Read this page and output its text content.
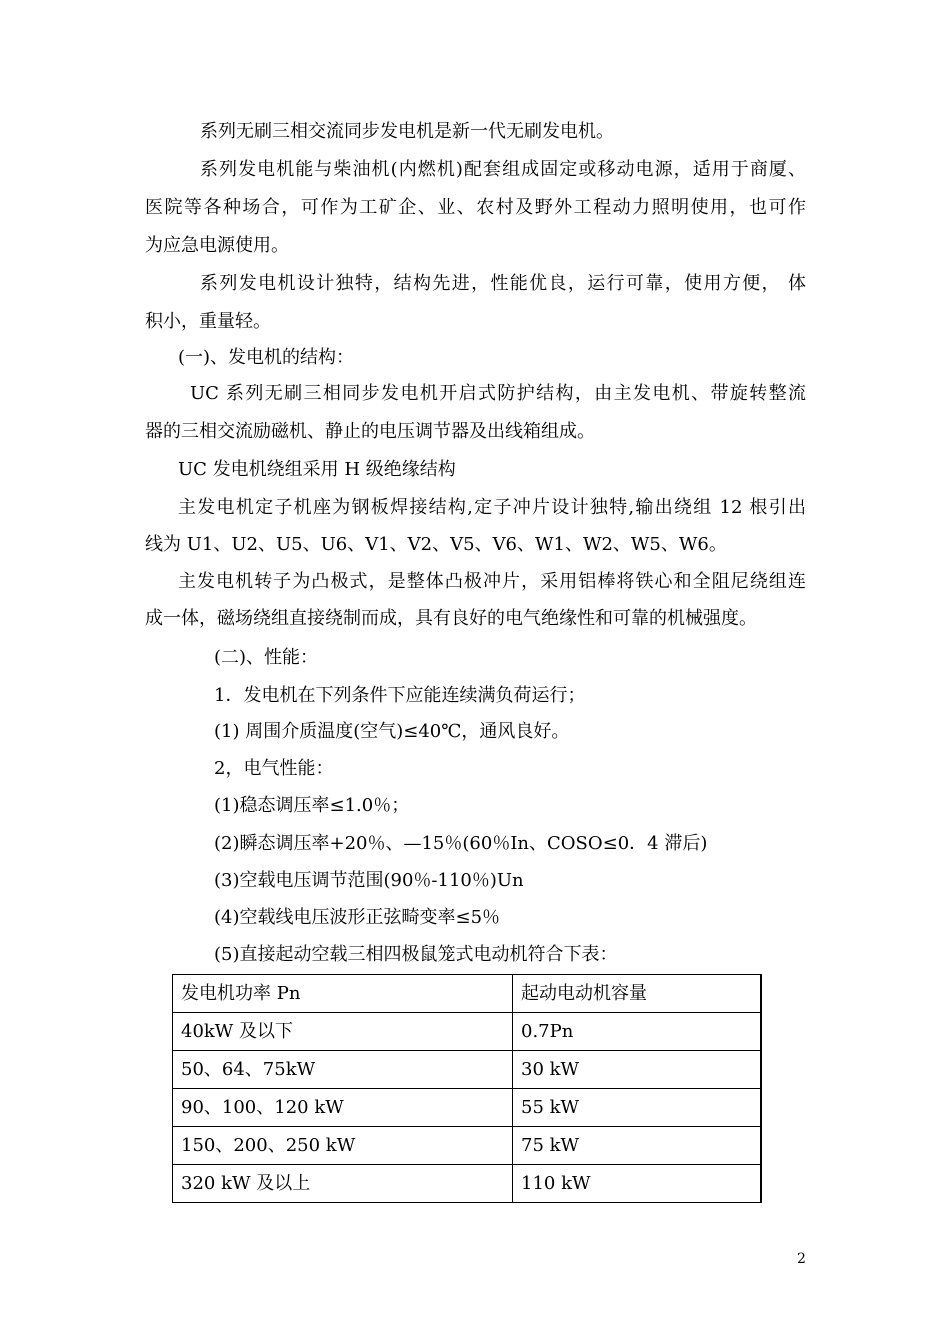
系列无刷三相交流同步发电机是新一代无刷发电机。
系列发电机能与柴油机(内燃机)配套组成固定或移动电源，适用于商厦、
医院等各种场合，可作为工矿企、业、农村及野外工程动力照明使用，也可作
为应急电源使用。
系列发电机设计独特，结构先进，性能优良，运行可靠，使用方便， 体
积小，重量轻。
(一)、发电机的结构：
UC 系列无刷三相同步发电机开启式防护结构，由主发电机、带旋转整流
器的三相交流励磁机、静止的电压调节器及出线箱组成。
UC 发电机绕组采用 H 级绝缘结构
主发电机定子机座为钢板焊接结构,定子冲片设计独特,输出绕组 12 根引出
线为 U1、U2、U5、U6、V1、V2、V5、V6、W1、W2、W5、W6。
主发电机转子为凸极式，是整体凸极冲片，采用铝棒将铁心和全阻尼绕组连
成一体，磁场绕组直接绕制而成，具有良好的电气绝缘性和可靠的机械强度。
(二)、性能：
1．发电机在下列条件下应能连续满负荷运行；
(1) 周围介质温度(空气)≤40℃，通风良好。
2，电气性能：
(1)稳态调压率≤1.0％；
(2)瞬态调压率+20％、—15％(60％In、COSO≤0．4 滞后)
(3)空载电压调节范围(90％-110％)Un
(4)空载线电压波形正弦畸变率≤5％
(5)直接起动空载三相四极鼠笼式电动机符合下表：
发电机功率 Pn	起动电动机容量
40kW 及以下	0.7Pn
50、64、75kW	30 kW
90、100、120 kW	55 kW
150、200、250 kW	75 kW
320 kW 及以上	110 kW
2
